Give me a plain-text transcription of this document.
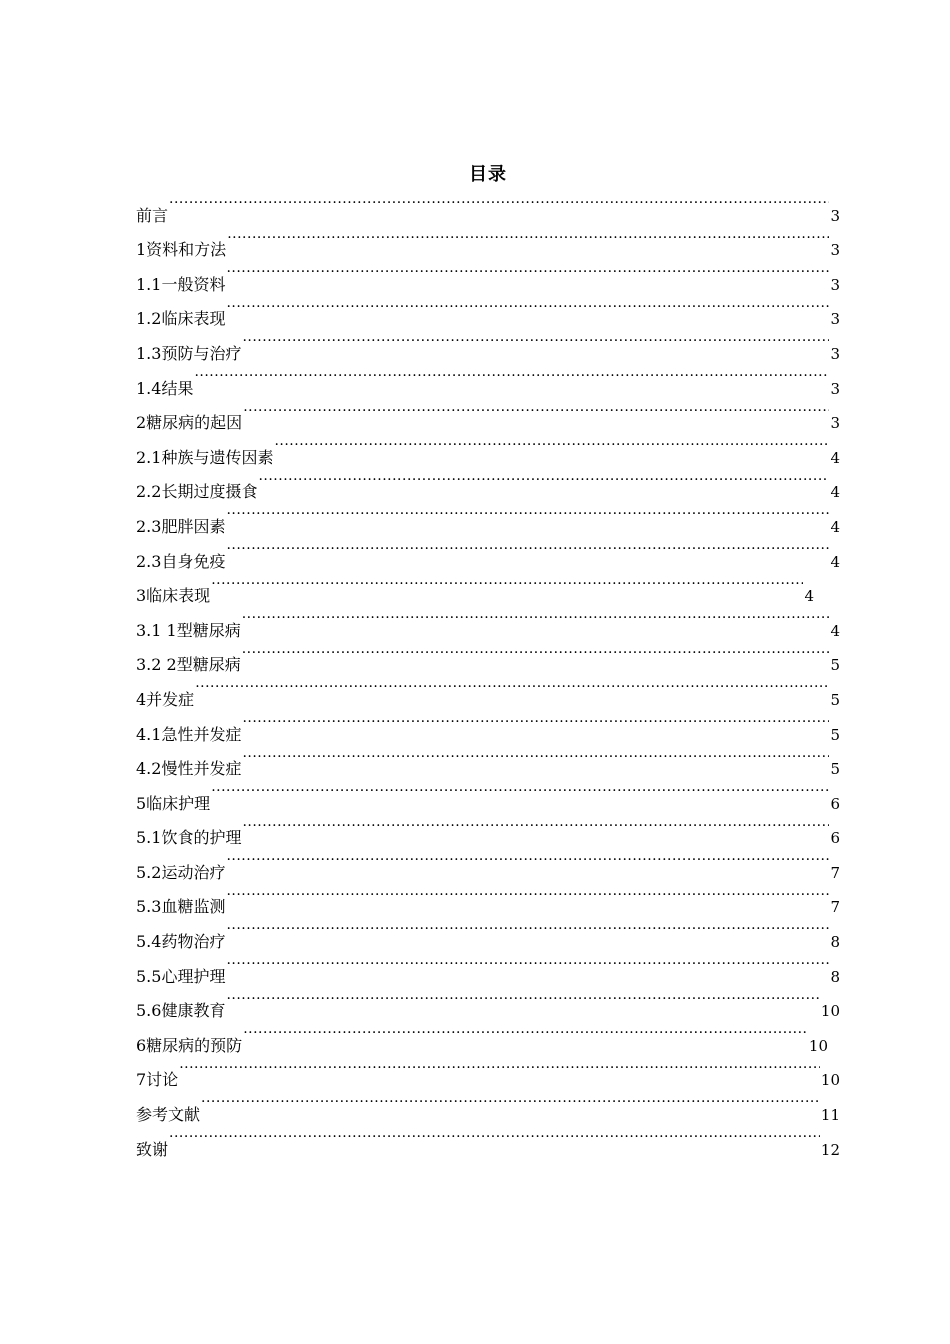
目录
前言 ·····	3
1资料和方法 ·····	3
1.1一般资料 ·····	3
1.2临床表现 ·····	3
1.3预防与治疗 ·····	3
1.4结果 ·····	3
2糖尿病的起因 ·····	3
2.1种族与遗传因素 ·····	4
2.2长期过度摄食 ·····	4
2.3肥胖因素 ·····	4
2.3自身免疫 ·····	4
3临床表现 ·····	4
3.1 1型糖尿病 ·····	4
3.2 2型糖尿病 ·····	5
4并发症 ·····	5
4.1急性并发症 ·····	5
4.2慢性并发症 ·····	5
5临床护理 ·····	6
5.1饮食的护理 ·····	6
5.2运动治疗 ·····	7
5.3血糖监测 ·····	7
5.4药物治疗 ·····	8
5.5心理护理 ·····	8
5.6健康教育 ·····	10
6糖尿病的预防 ·····	10
7讨论 ·····	10
参考文献 ·····	11
致谢 ·····	12
